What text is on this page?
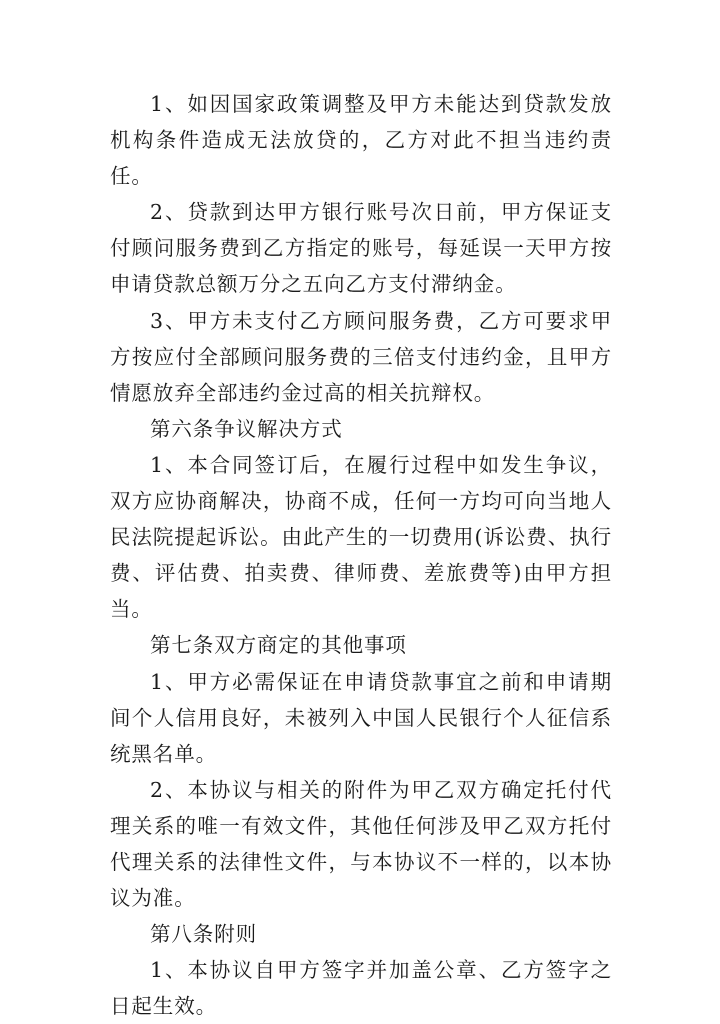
1、如因国家政策调整及甲方未能达到贷款发放机构条件造成无法放贷的，乙方对此不担当违约责任。

2、贷款到达甲方银行账号次日前，甲方保证支付顾问服务费到乙方指定的账号，每延误一天甲方按申请贷款总额万分之五向乙方支付滞纳金。

3、甲方未支付乙方顾问服务费，乙方可要求甲方按应付全部顾问服务费的三倍支付违约金，且甲方情愿放弃全部违约金过高的相关抗辩权。

第六条争议解决方式

1、本合同签订后，在履行过程中如发生争议，双方应协商解决，协商不成，任何一方均可向当地人民法院提起诉讼。由此产生的一切费用(诉讼费、执行费、评估费、拍卖费、律师费、差旅费等)由甲方担当。

第七条双方商定的其他事项

1、甲方必需保证在申请贷款事宜之前和申请期间个人信用良好，未被列入中国人民银行个人征信系统黑名单。

2、本协议与相关的附件为甲乙双方确定托付代理关系的唯一有效文件，其他任何涉及甲乙双方托付代理关系的法律性文件，与本协议不一样的，以本协议为准。

第八条附则

1、本协议自甲方签字并加盖公章、乙方签字之日起生效。
